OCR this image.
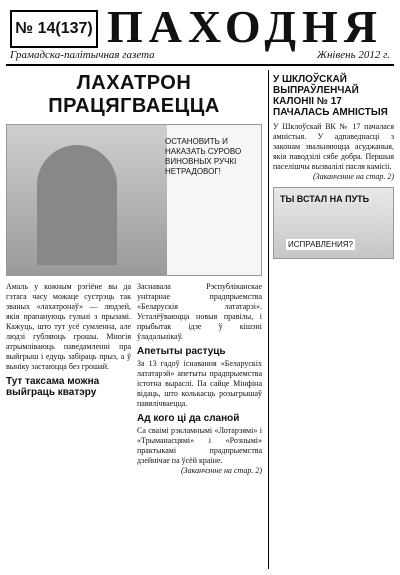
№ 14(137) ПАХОДНЯ
Грамадска-палітычная газета	Жнівень 2012 г.
ЛАХАТРОН ПРАЦЯГВАЕЦЦА
ОСТАНОВИТЬ И НАКАЗАТЬ СУРОВО ВИНОВНЫХ РУЧКІ НЕТРАДОВОГ!
Амаль у кожным рэгіёне вы да гэтага часу можаце сустрэць так званых «лахатронаў» — людзей, якія прапануюць гульні з прызамі. Кажуць, што тут усё сумленна, але людзі губляюць грошы. Многія атрымліваюць паведамленні пра выйгрыш і едуць забіраць прыз, а ў выніку застаюцца без грошай.
Тут таксама можна выйграць кватэру
Заснавала Рэспубліканскае унітарнае прадпрыемства «Беларускія лататарэі». Усталёўваюцца новыя правілы, і прыбытак ідзе ў кішэні ўладальнікаў.
Апетыты растуць
За 13 гадоў існавання «Беларускіх лататарэй» апетыты прадпрыемства істотна выраслі. Па сайце Мінфіна відаць, што колькасць розыгрышаў павялічваецца.
Ад кого ці да сланой
Са сваімі рэкламнымі «Лотарэямі» і «Трыманасцямі» і «Рознымі» практыкамі прадпрыемства дзейнічае па ўсёй краіне.
(Заканчэнне на стар. 2)
У ШКЛОЎСКАЙ ВЫПРАЎЛЕНЧАЙ КАЛОНІІ № 17 ПАЧАЛАСЬ АМНІСТЫЯ
У Шклоўскай ВК № 17 пачалася амністыя. У адпаведнасці з законам звальняюцца асуджаныя, якія паводзілі сябе добра. Першыя паселішчы вызвалілі пасля камісіі.
(Заканчэнне на стар. 2)
ТЫ ВСТАЛ НА ПУТЬ
ИСПРАВЛЕНИЯ?
